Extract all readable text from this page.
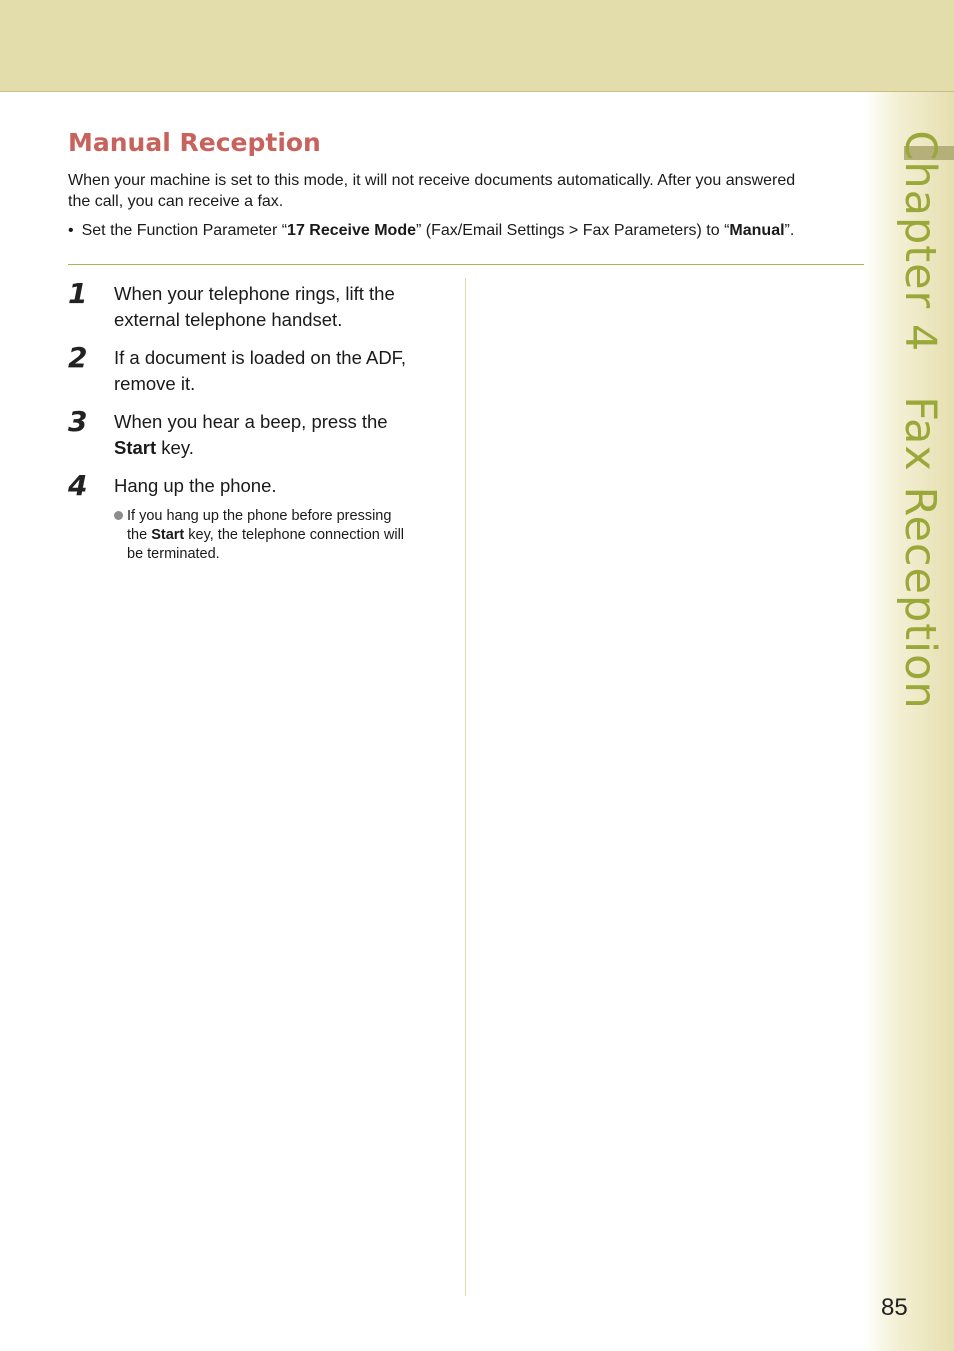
Chapter 4Fax Reception
Manual Reception

When your machine is set to this mode, it will not receive documents automatically. After you answered
the call, you can receive a fax.

• Set the Function Parameter “17 Receive Mode” (Fax/Email Settings > Fax Parameters) to “Manual”.

1 When your telephone rings, lift the
external telephone handset.
2 If a document is loaded on the ADF,
remove it.
3 When you hear a beep, press the
Start key.
4 Hang up the phone.
If you hang up the phone before pressing
the Start key, the telephone connection will
be terminated.
85
